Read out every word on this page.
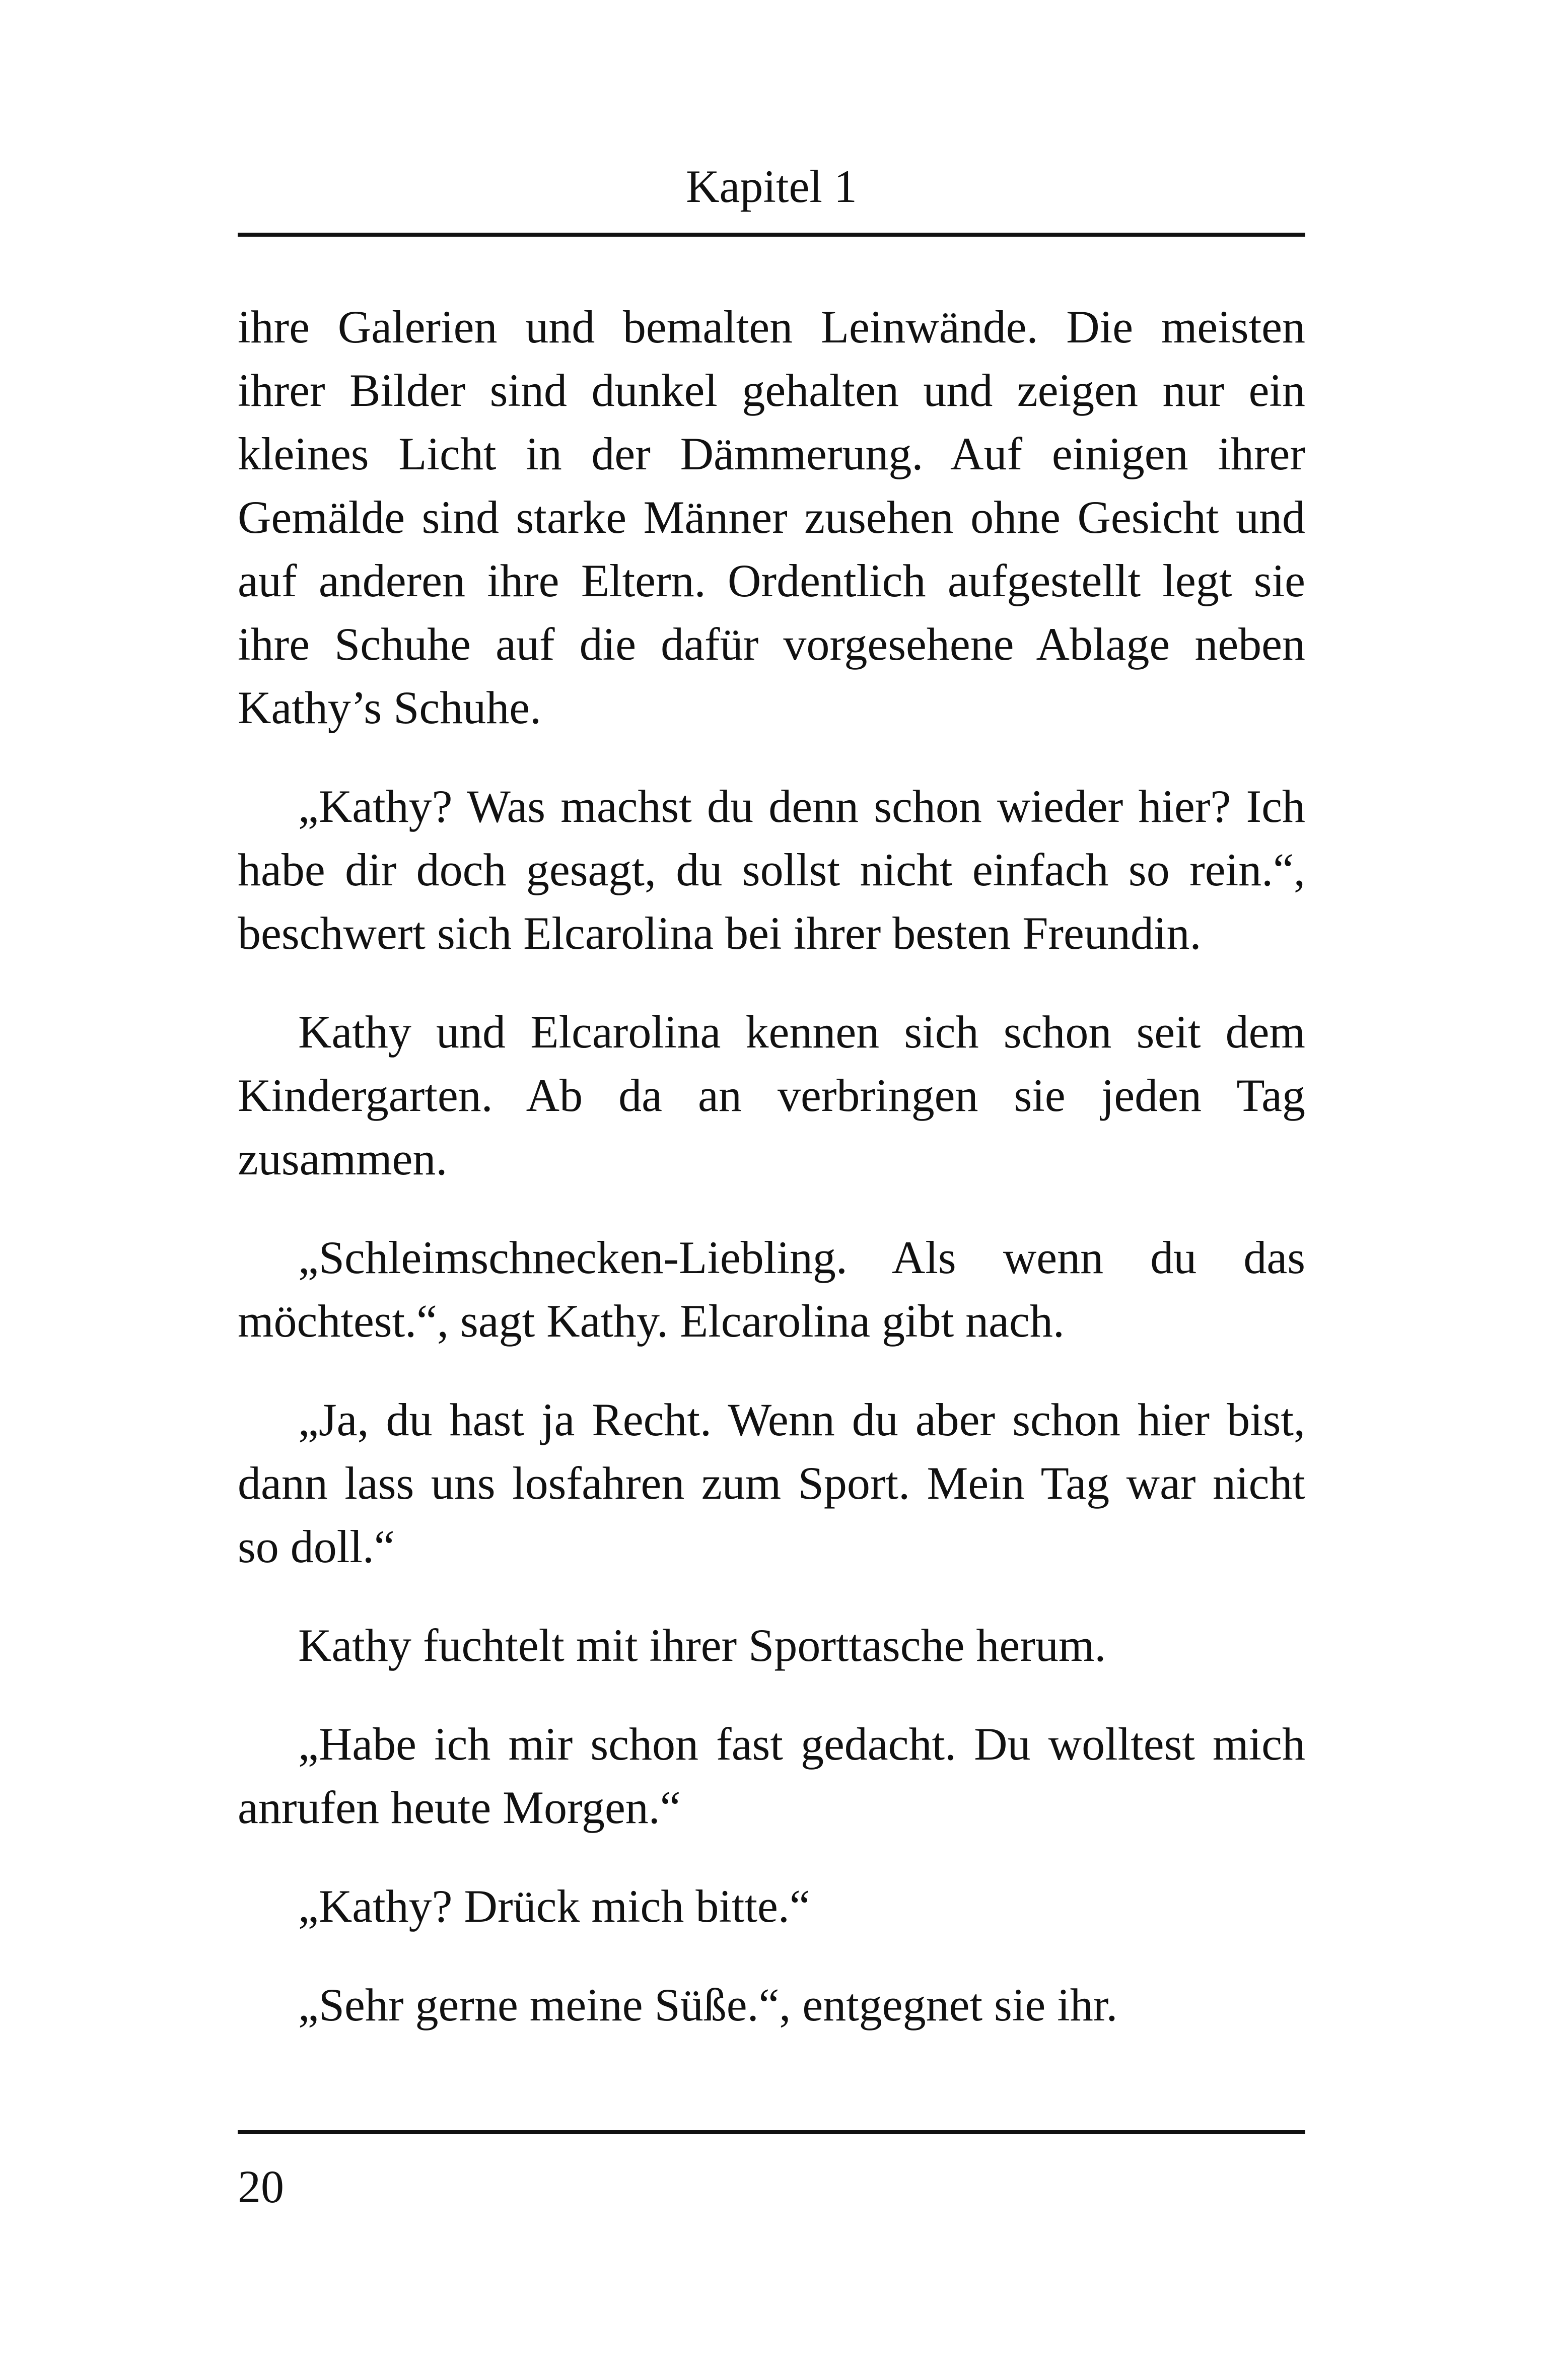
Kapitel 1

ihre Galerien und bemalten Leinwände. Die meisten ihrer Bilder sind dunkel gehalten und zeigen nur ein kleines Licht in der Dämmerung. Auf einigen ihrer Gemälde sind starke Männer zusehen ohne Gesicht und auf anderen ihre Eltern. Ordentlich aufgestellt legt sie ihre Schuhe auf die dafür vorgesehene Ablage neben Kathy’s Schuhe.

„Kathy? Was machst du denn schon wieder hier? Ich habe dir doch gesagt, du sollst nicht einfach so rein.“, beschwert sich Elcarolina bei ihrer besten Freundin.

Kathy und Elcarolina kennen sich schon seit dem Kindergarten. Ab da an verbringen sie jeden Tag zusammen.

„Schleimschnecken-Liebling. Als wenn du das möchtest.“, sagt Kathy. Elcarolina gibt nach.

„Ja, du hast ja Recht. Wenn du aber schon hier bist, dann lass uns losfahren zum Sport. Mein Tag war nicht so doll.“

Kathy fuchtelt mit ihrer Sporttasche herum.

„Habe ich mir schon fast gedacht. Du wolltest mich anrufen heute Morgen.“

„Kathy? Drück mich bitte.“

„Sehr gerne meine Süße.“, entgegnet sie ihr.

20
